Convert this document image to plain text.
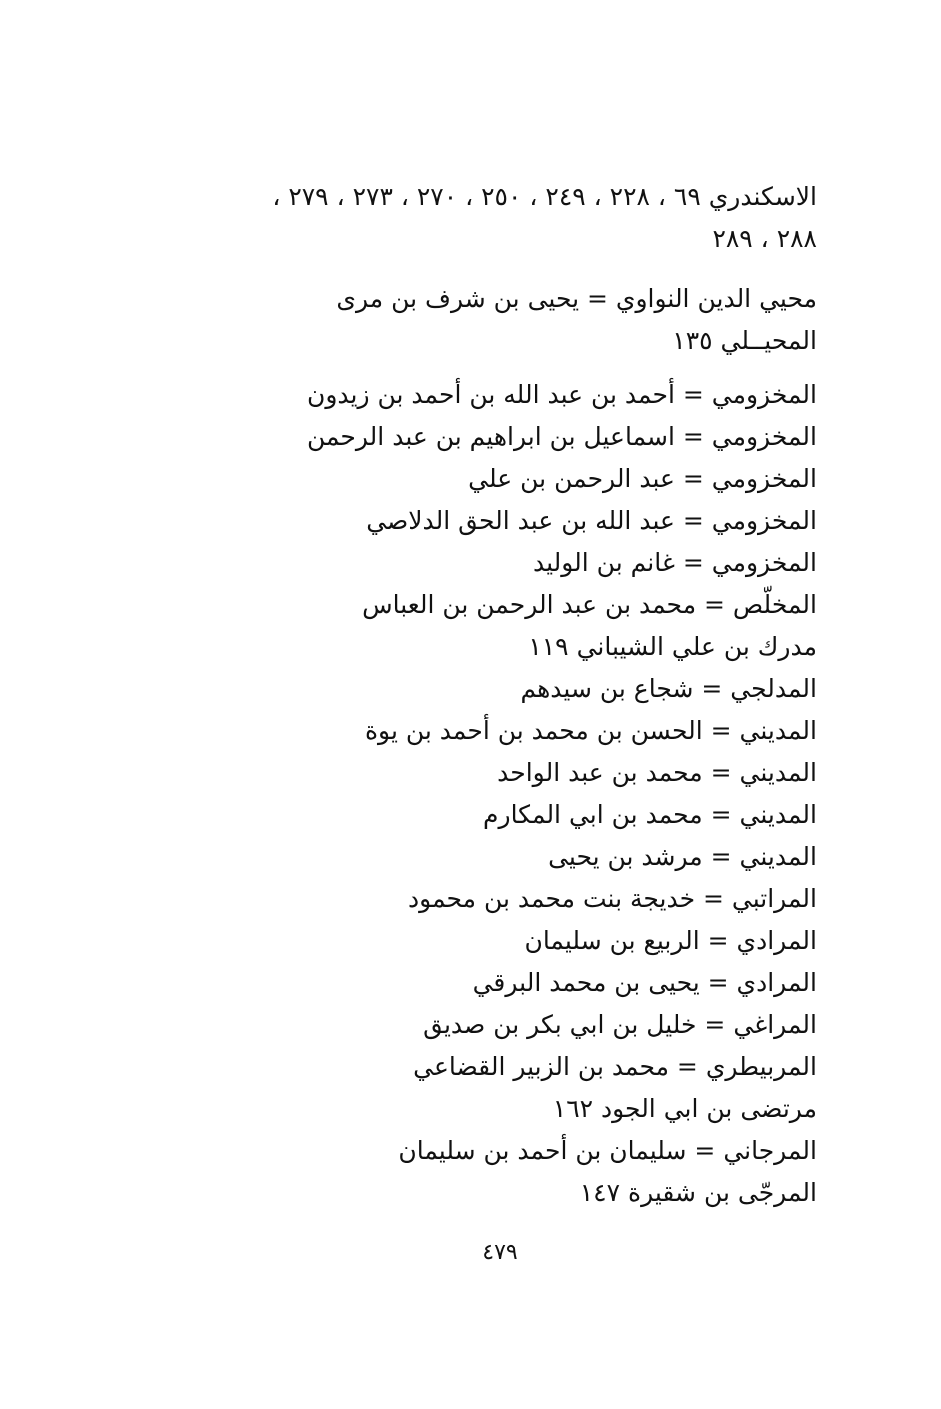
الاسكندري ٦٩ ، ٢٢٨ ، ٢٤٩ ، ٢٥٠ ، ٢٧٠ ، ٢٧٣ ، ٢٧٩ ،
٢٨٨ ، ٢٨٩
محيي الدين النواوي = يحيى بن شرف بن مرى
المحيــلي ١٣٥
المخزومي = أحمد بن عبد الله بن أحمد بن زيدون
المخزومي = اسماعيل بن ابراهيم بن عبد الرحمن
المخزومي = عبد الرحمن بن علي
المخزومي = عبد الله بن عبد الحق الدلاصي
المخزومي = غانم بن الوليد
المخلّص = محمد بن عبد الرحمن بن العباس
مدرك بن علي الشيباني ١١٩
المدلجي = شجاع بن سيدهم
المديني = الحسن بن محمد بن أحمد بن يوة
المديني = محمد بن عبد الواحد
المديني = محمد بن ابي المكارم
المديني = مرشد بن يحيى
المراتبي = خديجة بنت محمد بن محمود
المرادي = الربيع بن سليمان
المرادي = يحيى بن محمد البرقي
المراغي = خليل بن ابي بكر بن صديق
المربيطري = محمد بن الزبير القضاعي
مرتضى بن ابي الجود ١٦٢
المرجاني = سليمان بن أحمد بن سليمان
المرجّى بن شقيرة ١٤٧
٤٧٩
